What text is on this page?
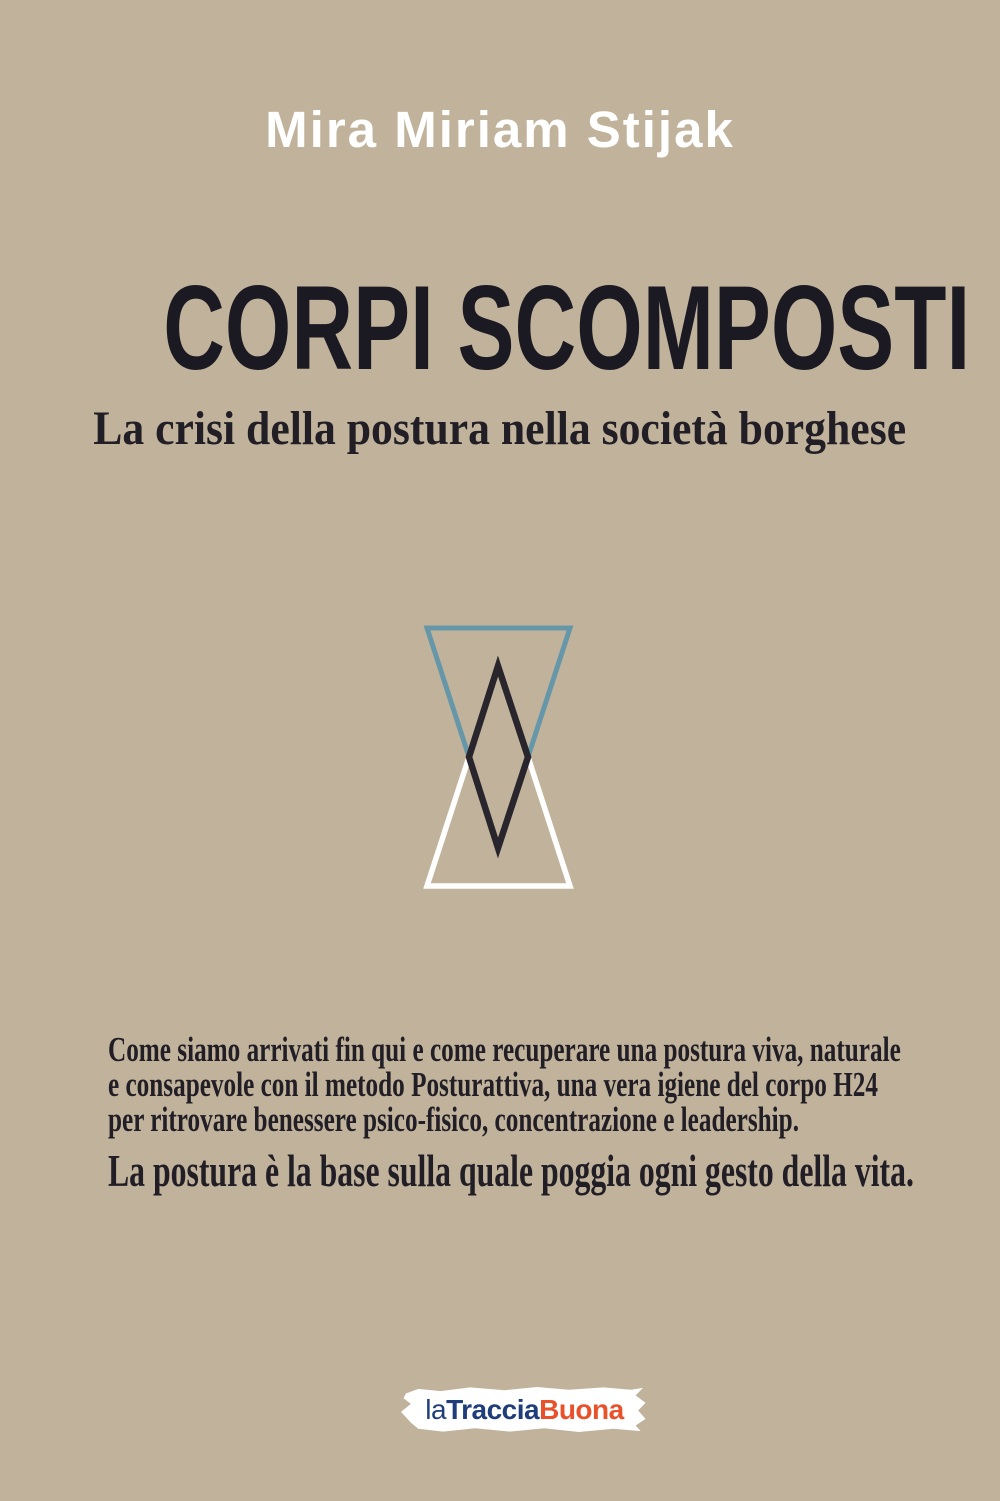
Mira Miriam Stijak
CORPI SCOMPOSTI
La crisi della postura nella società borghese
Come siamo arrivati fin qui e come recuperare una postura viva, naturale
e consapevole con il metodo Posturattiva, una vera igiene del corpo H24
per ritrovare benessere psico-fisico, concentrazione e leadership.
La postura è la base sulla quale poggia ogni gesto della vita.
la Traccia Buona
